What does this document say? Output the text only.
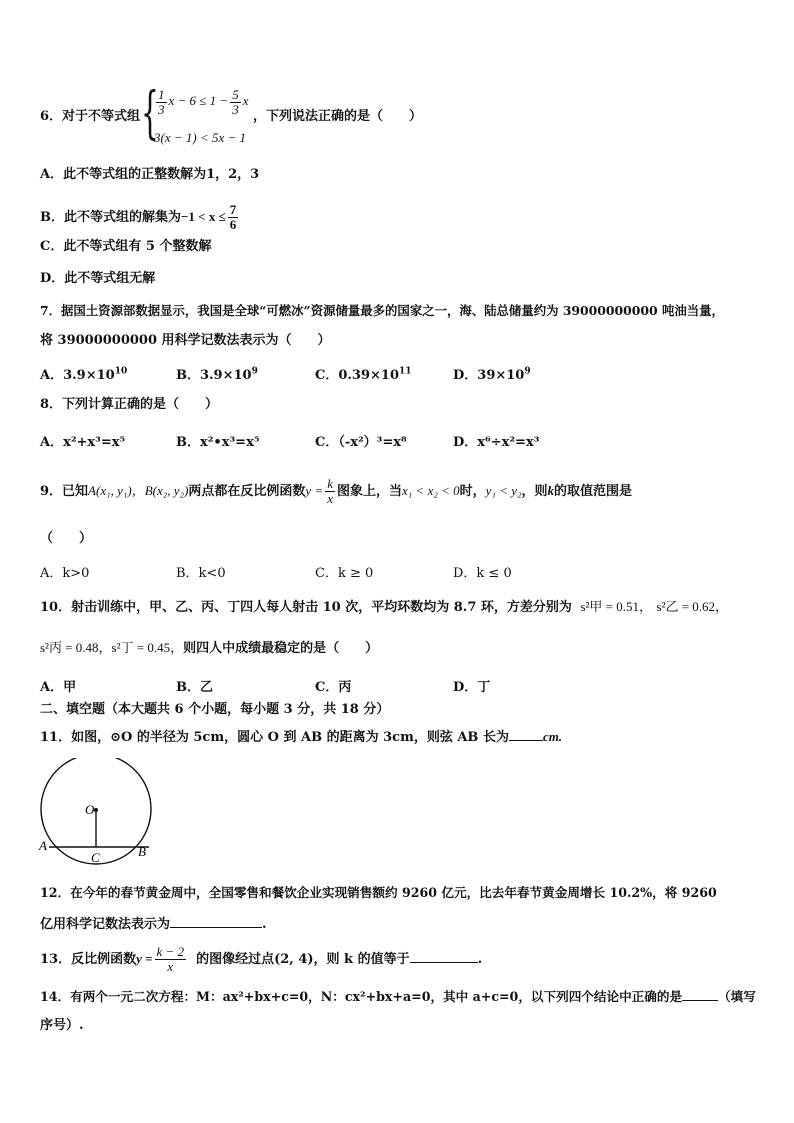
6． 对于不等式组 {
$\frac{1}{3}$ $x - 6 \le 1 - \frac{5}{3}$ x
3(x − 1) < 5x − 1
，下列说法正确的是（　　）
A．此不等式组的正整数解为1，2，3
B．此不等式组的解集为$-1 < x \le \frac{7}{6}$
C．此不等式组有 5 个整数解
D．此不等式组无解
7．据国土资源部数据显示，我国是全球“可燃冰”资源储量最多的国家之一，海、陆总储量约为 39000000000 吨油当量，
将 39000000000 用科学记数法表示为（　　）
A．$3.9\times 10^{10}$	B．$3.9\times 10^9$	C．$0.39\times 10^{11}$	D．$39\times 10^9$
8．下列计算正确的是（　　）
A．x²+x³=x⁵	B．x²•x³=x⁵	C．（-x²）³=x⁸	D．x⁶÷x²=x³
9．已知A(x₁, y₁)，B(x₂, y₂)两点都在反比例函数$y = \frac{k}{x}$ 图象上，当x₁ < x₂ < 0时，y₁ < y₂，则k的取值范围是
（　　）
A．k>0	B．k<0	C．k ≥ 0	D．k ≤ 0
10．射击训练中，甲、乙、丙、丁四人每人射击 10 次，平均环数均为 8.7 环，方差分别为 s²甲 = 0.51， s²乙 = 0.62，
s²丙 = 0.48，s²丁 = 0.45，则四人中成绩最稳定的是（　　）
A．甲	B．乙	C．丙	D．丁
二、填空题（本大题共 6 个小题，每小题 3 分，共 18 分）
11．如图，⊙O 的半径为 5cm，圆心 O 到 AB 的距离为 3cm，则弦 AB 长为	cm.
O
A	B
C
12．在今年的春节黄金周中，全国零售和餐饮企业实现销售额约 9260 亿元，比去年春节黄金周增长 10.2%，将 9260
亿用科学记数法表示为	.
13．反比例函数$y = \frac{k - 2}{x}$ 的图像经过点(2, 4)，则 k 的值等于	.
14．有两个一元二次方程：M：ax²+bx+c=0，N：cx²+bx+a=0，其中 a+c=0，以下列四个结论中正确的是	（填写
序号）.
